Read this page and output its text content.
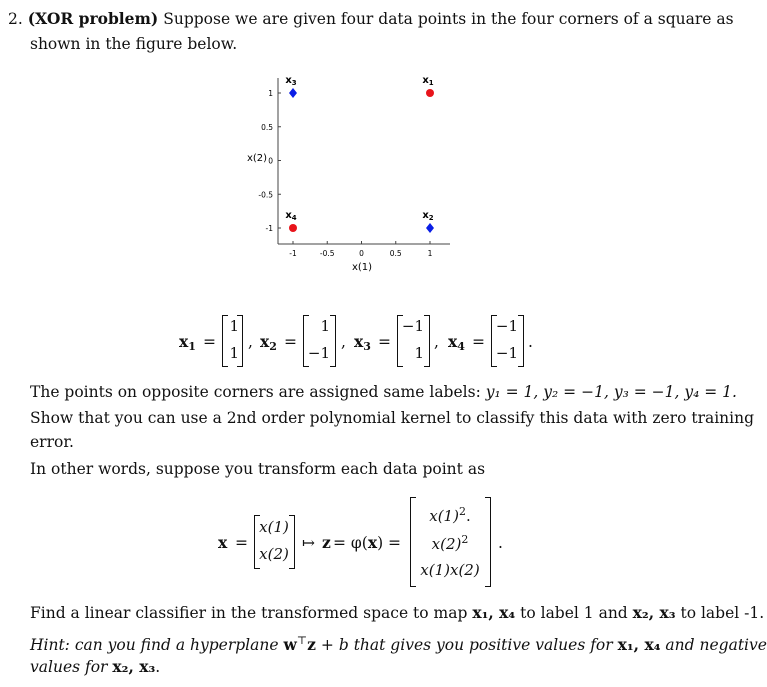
2. (XOR problem) Suppose we are given four data points in the four corners of a square as
shown in the figure below.
-1	-0.5	0	0.5	1
1
0.5
0
-0.5
-1
x(1)
x(2)
$x_1$
$x_2$
$x_3$
$x_4$
$x_1$ =
1
1
, $x_2$ =
1
−1
, $x_3$ =
−1
1
, $x_4$ =
−1
−1
.
The points on opposite corners are assigned same labels: y₁ = 1, y₂ = −1, y₃ = −1, y₄ = 1.
Show that you can use a 2nd order polynomial kernel to classify this data with zero training
error.
In other words, suppose you transform each data point as
x =
x(1)
x(2)
↦ z = φ(x) =
$x(1)^2$.
$x(2)^2$
x(1)x(2)
.
Find a linear classifier in the transformed space to map x₁, x₄ to label 1 and x₂, x₃ to label -1.
Hint: can you find a hyperplane w⊤z + b that gives you positive values for x₁, x₄ and negative
values for x₂, x₃.
